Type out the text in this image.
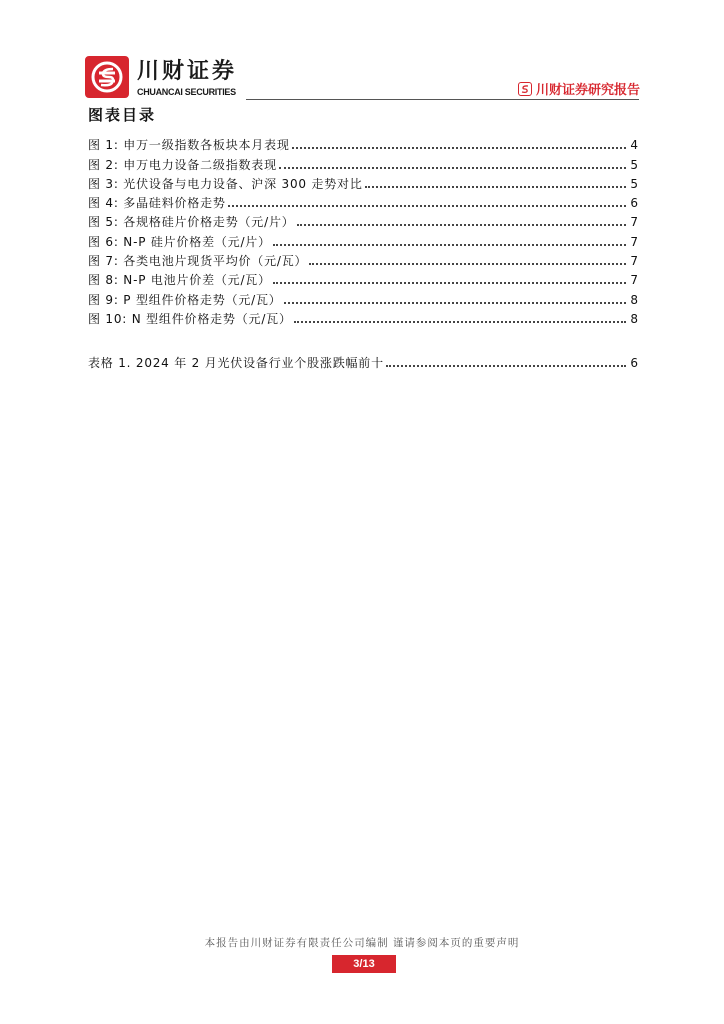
川财证券
CHUANCAI SECURITIES	川财证券研究报告
图表目录
图 1: 申万一级指数各板块本月表现	4
图 2: 申万电力设备二级指数表现	5
图 3: 光伏设备与电力设备、沪深 300 走势对比	5
图 4: 多晶硅料价格走势	6
图 5: 各规格硅片价格走势（元/片）	7
图 6: N-P 硅片价格差（元/片）	7
图 7: 各类电池片现货平均价（元/瓦）	7
图 8: N-P 电池片价差（元/瓦）	7
图 9: P 型组件价格走势（元/瓦）	8
图 10: N 型组件价格走势（元/瓦）	8
表格 1. 2024 年 2 月光伏设备行业个股涨跌幅前十	6
本报告由川财证券有限责任公司编制 谨请参阅本页的重要声明
3/13
